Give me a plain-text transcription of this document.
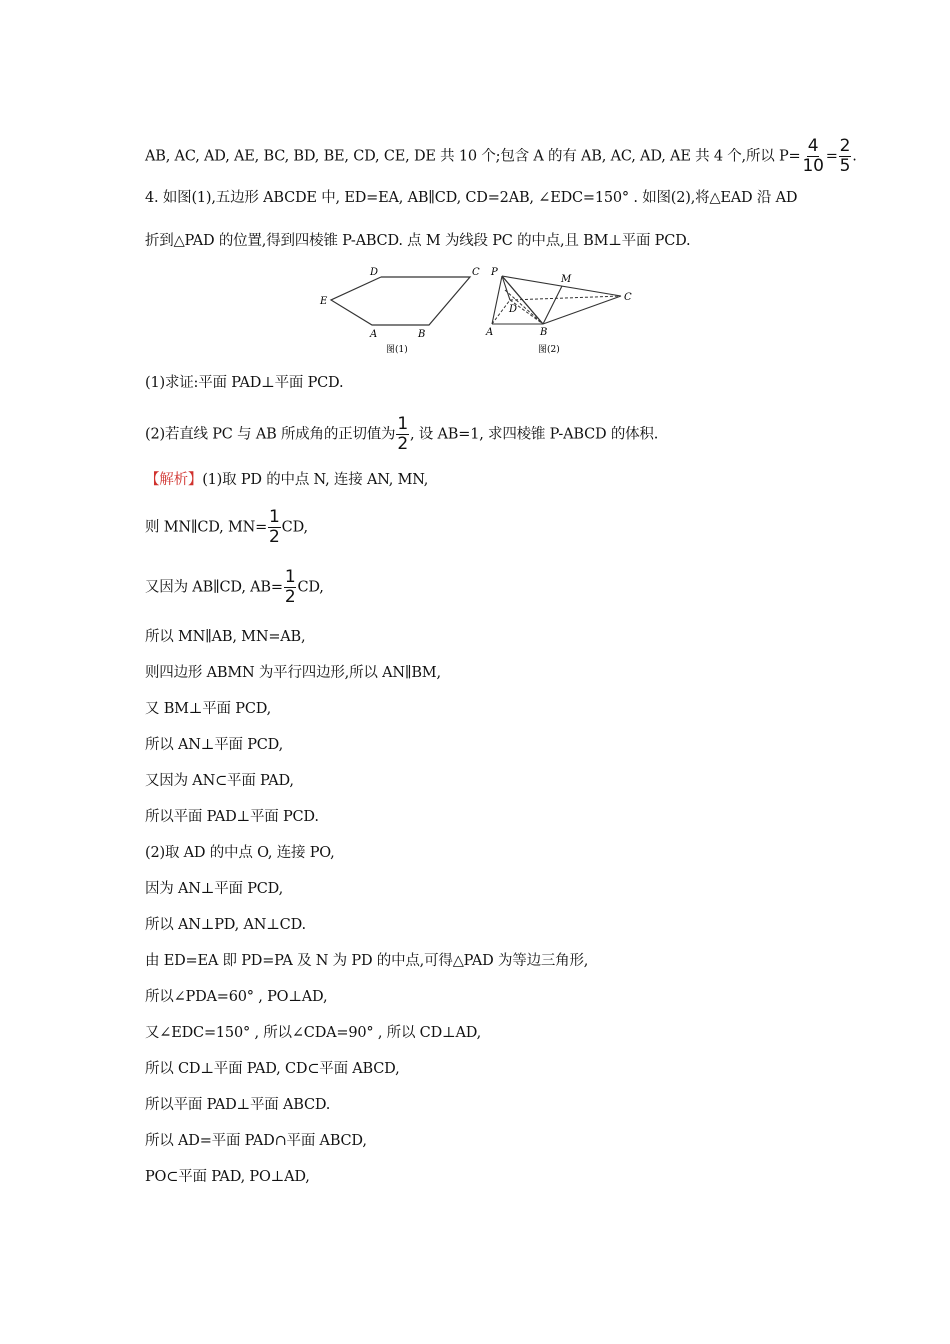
AB, AC, AD, AE, BC, BD, BE, CD, CE, DE 共 10 个;包含 A 的有 AB, AC, AD, AE 共 4 个,所以 $P= \frac{4}{10} = \frac{2}{5}$ .
4. 如图(1),五边形 ABCDE 中, ED=EA, AB∥CD, CD=2AB, ∠EDC=150° . 如图(2),将△EAD 沿 AD
折到△PAD 的位置,得到四棱锥 P-ABCD. 点 M 为线段 PC 的中点,且 BM⊥平面 PCD.
D	C
E
A	B
图(1)
P
M
D
C
A	B
图(2)
(1)求证:平面 PAD⊥平面 PCD.
(2)若直线 PC 与 AB 所成角的正切值为 $\frac{1}{2}$ , 设 AB=1, 求四棱锥 P-ABCD 的体积.
【解析】(1)取 PD 的中点 N, 连接 AN, MN,
则 MN∥CD, $MN= \frac{1}{2}$ CD,
又因为 AB∥CD, $AB= \frac{1}{2}$ CD,
所以 MN∥AB, MN=AB,
则四边形 ABMN 为平行四边形,所以 AN∥BM,
又 BM⊥平面 PCD,
所以 AN⊥平面 PCD,
又因为 AN⊂平面 PAD,
所以平面 PAD⊥平面 PCD.
(2)取 AD 的中点 O, 连接 PO,
因为 AN⊥平面 PCD,
所以 AN⊥PD, AN⊥CD.
由 ED=EA 即 PD=PA 及 N 为 PD 的中点,可得△PAD 为等边三角形,
所以∠PDA=60° , PO⊥AD,
又∠EDC=150° , 所以∠CDA=90° , 所以 CD⊥AD,
所以 CD⊥平面 PAD, CD⊂平面 ABCD,
所以平面 PAD⊥平面 ABCD.
所以 AD=平面 PAD∩平面 ABCD,
PO⊂平面 PAD, PO⊥AD,
